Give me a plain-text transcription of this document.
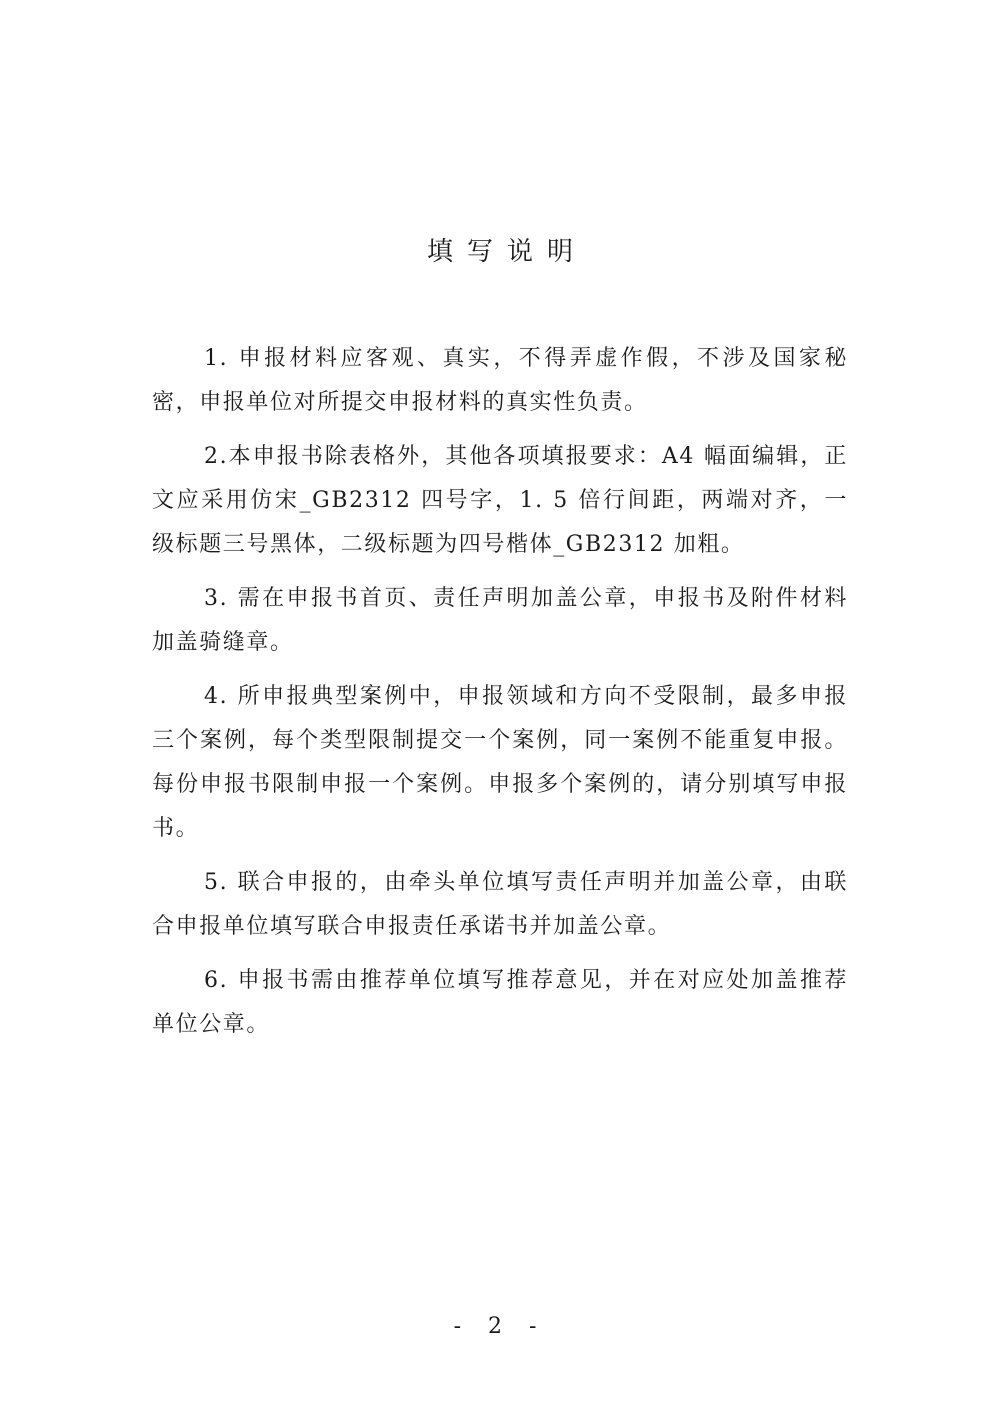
填写说明

1. 申报材料应客观、真实，不得弄虚作假，不涉及国家秘密，申报单位对所提交申报材料的真实性负责。

2.本申报书除表格外，其他各项填报要求：A4 幅面编辑，正文应采用仿宋_GB2312 四号字，1. 5 倍行间距，两端对齐，一级标题三号黑体，二级标题为四号楷体_GB2312 加粗。

3. 需在申报书首页、责任声明加盖公章，申报书及附件材料加盖骑缝章。

4. 所申报典型案例中，申报领域和方向不受限制，最多申报三个案例，每个类型限制提交一个案例，同一案例不能重复申报。每份申报书限制申报一个案例。申报多个案例的，请分别填写申报书。

5. 联合申报的，由牵头单位填写责任声明并加盖公章，由联合申报单位填写联合申报责任承诺书并加盖公章。

6. 申报书需由推荐单位填写推荐意见，并在对应处加盖推荐单位公章。

- 2 -
